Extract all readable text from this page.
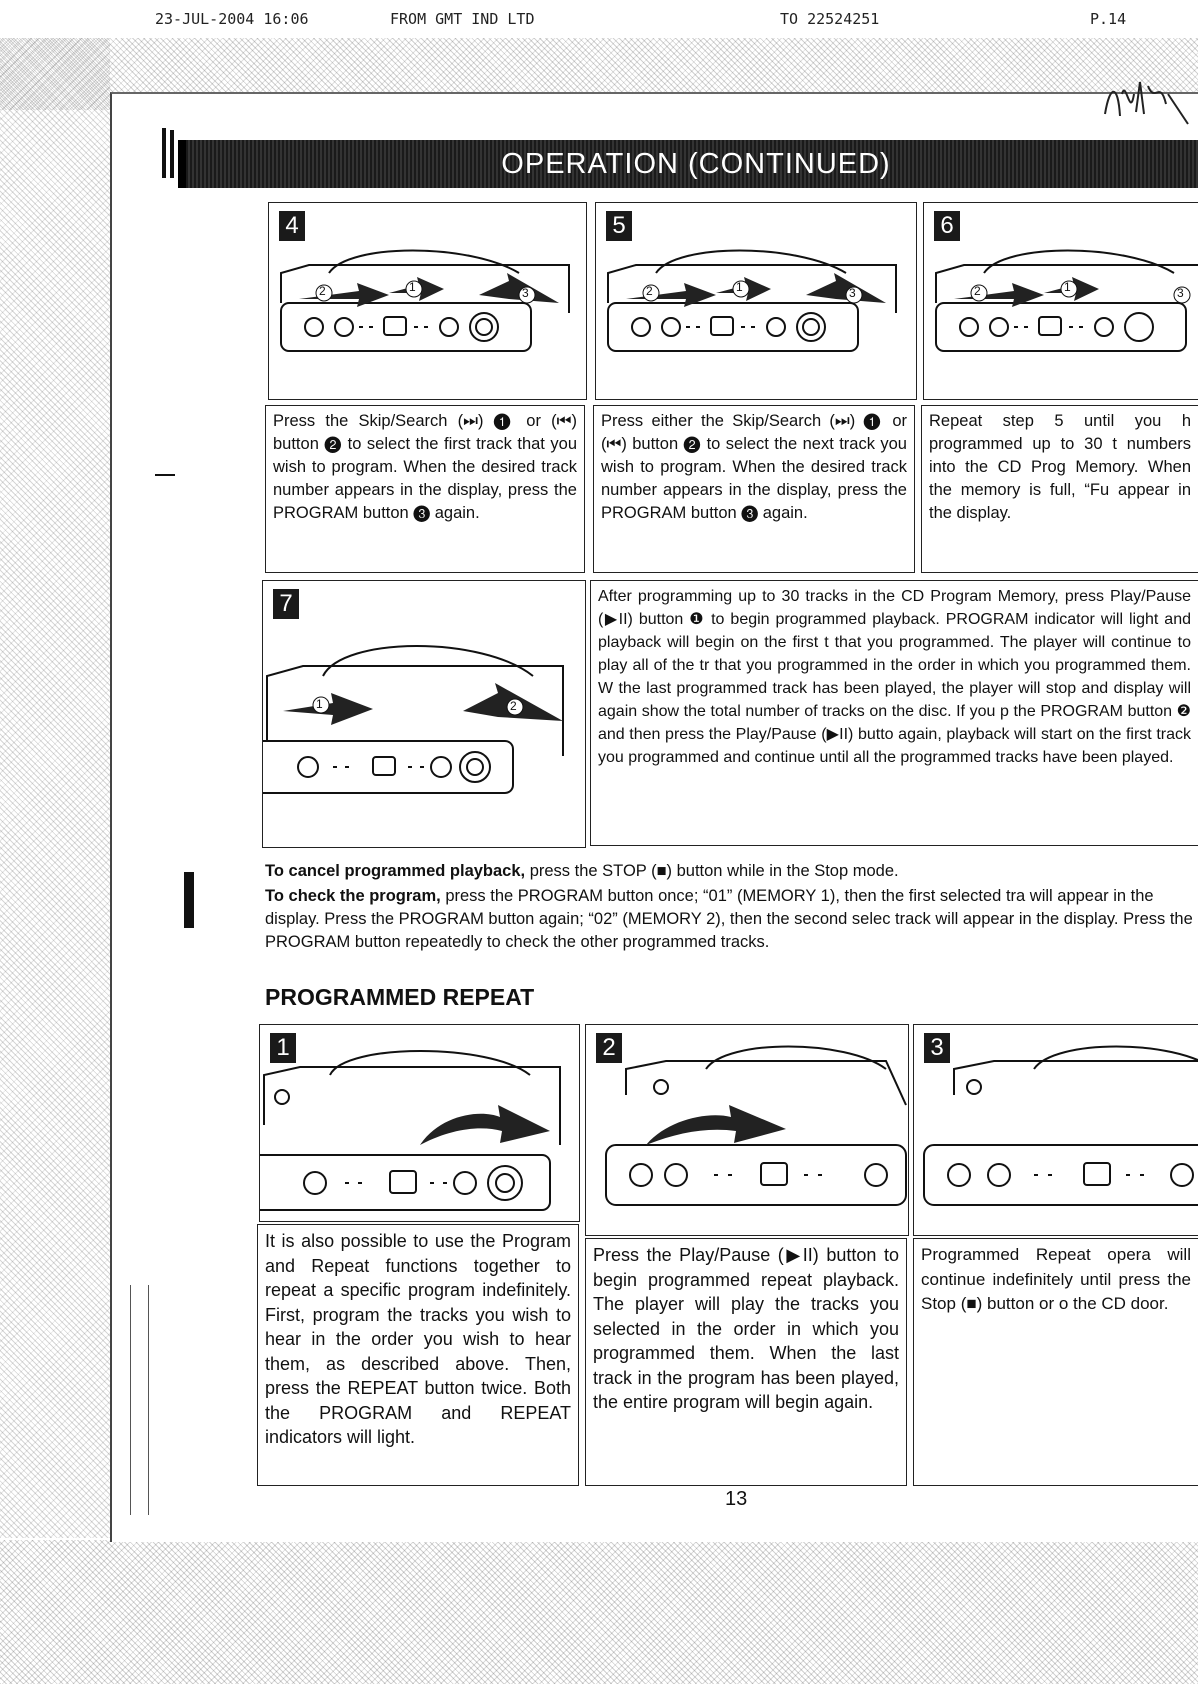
23-JUL-2004 16:06	FROM GMT IND LTD	TO 22524251	P.14
OPERATION (CONTINUED)
4
2	1	3
Press the Skip/Search (⏭) ❶ or (⏮) button ❷ to select the first track that you wish to program. When the desired track number appears in the display, press the PROGRAM button ❸ again.
5
2	1	3
Press either the Skip/Search (⏭) ❶ or (⏮) button ❷ to select the next track you wish to program. When the desired track number appears in the display, press the PROGRAM button ❸ again.
6
2	1	3
Repeat step 5 until you h programmed up to 30 t numbers into the CD Prog Memory. When the memory is full, “Fu appear in the display.
7
1	2
After programming up to 30 tracks in the CD Program Memory, press Play/Pause (▶II) button ❶ to begin programmed playback. PROGRAM indicator will light and playback will begin on the first t that you programmed. The player will continue to play all of the tr that you programmed in the order in which you programmed them. W the last programmed track has been played, the player will stop and display will again show the total number of tracks on the disc. If you p the PROGRAM button ❷ and then press the Play/Pause (▶II) butto again, playback will start on the first track you programmed and continue until all the programmed tracks have been played.
To cancel programmed playback, press the STOP (■) button while in the Stop mode.
To check the program, press the PROGRAM button once; “01” (MEMORY 1), then the first selected tra will appear in the display. Press the PROGRAM button again; “02” (MEMORY 2), then the second selec track will appear in the display. Press the PROGRAM button repeatedly to check the other programmed tracks.
PROGRAMMED REPEAT
1
It is also possible to use the Program and Repeat functions together to repeat a specific program indefinitely. First, program the tracks you wish to hear in the order you wish to hear them, as described above. Then, press the REPEAT button twice. Both the PROGRAM and REPEAT indicators will light.
2
Press the Play/Pause (▶II) button to begin programmed repeat playback. The player will play the tracks you selected in the order in which you programmed them. When the last track in the program has been played, the entire program will begin again.
3
Programmed Repeat opera will continue indefinitely until press the Stop (■) button or o the CD door.
13
